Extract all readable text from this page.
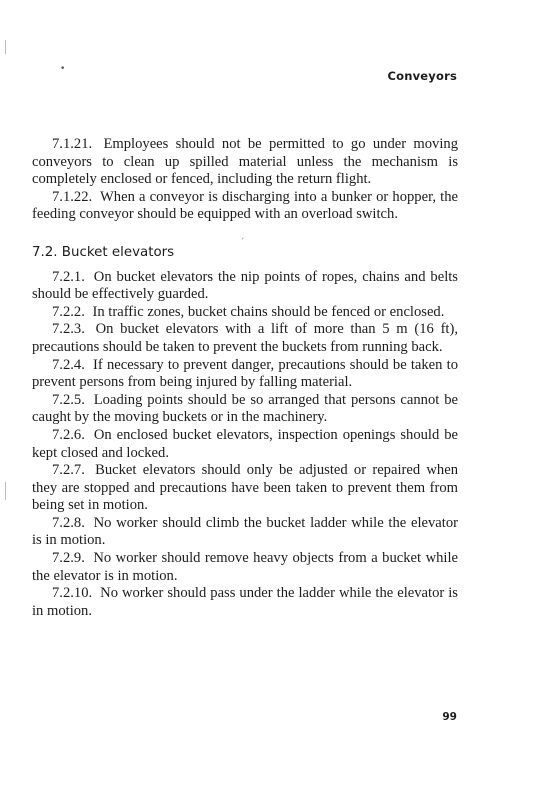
•
ˊ
Conveyors

7.1.21. Employees should not be permitted to go under moving conveyors to clean up spilled material unless the mechanism is completely enclosed or fenced, including the return flight.

7.1.22. When a conveyor is discharging into a bunker or hopper, the feeding conveyor should be equipped with an overload switch.

7.2. Bucket elevators

7.2.1. On bucket elevators the nip points of ropes, chains and belts should be effectively guarded.

7.2.2. In traffic zones, bucket chains should be fenced or enclosed.

7.2.3. On bucket elevators with a lift of more than 5 m (16 ft), precautions should be taken to prevent the buckets from running back.

7.2.4. If necessary to prevent danger, precautions should be taken to prevent persons from being injured by falling material.

7.2.5. Loading points should be so arranged that persons cannot be caught by the moving buckets or in the machinery.

7.2.6. On enclosed bucket elevators, inspection openings should be kept closed and locked.

7.2.7. Bucket elevators should only be adjusted or repaired when they are stopped and precautions have been taken to prevent them from being set in motion.

7.2.8. No worker should climb the bucket ladder while the elevator is in motion.

7.2.9. No worker should remove heavy objects from a bucket while the elevator is in motion.

7.2.10. No worker should pass under the ladder while the elevator is in motion.

99
